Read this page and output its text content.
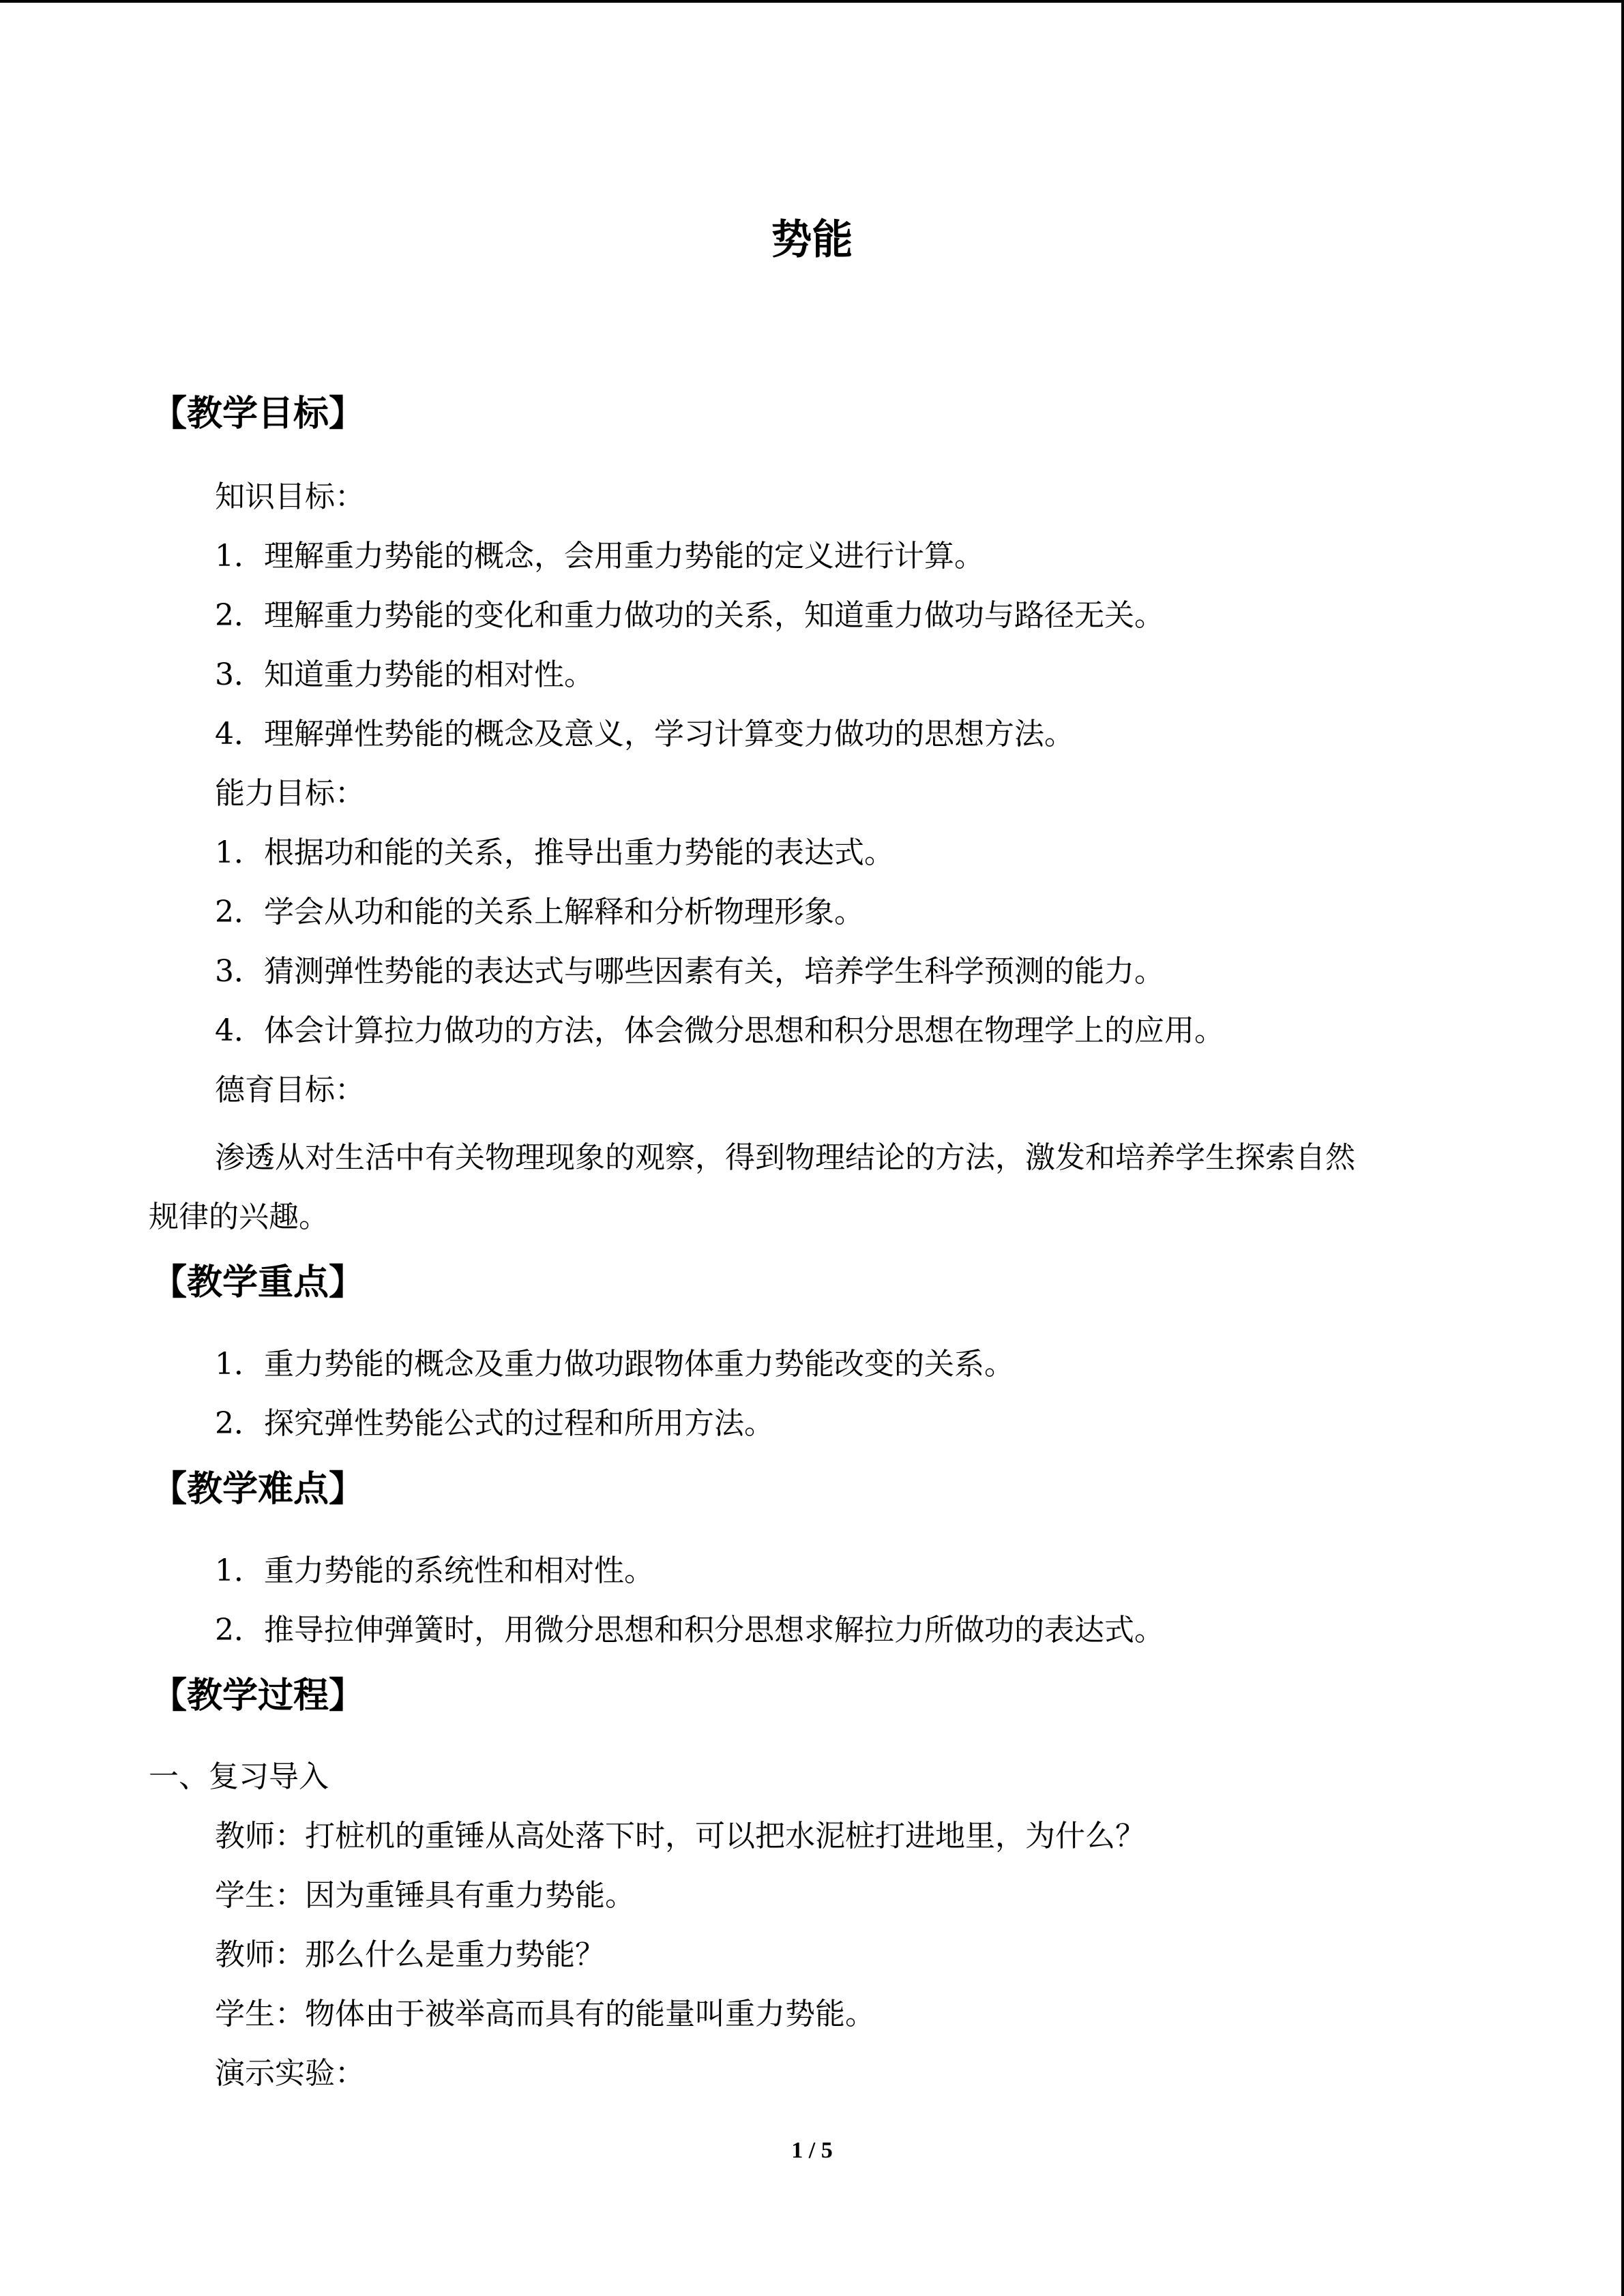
势能
【教学目标】

知识目标：

1．理解重力势能的概念，会用重力势能的定义进行计算。

2．理解重力势能的变化和重力做功的关系，知道重力做功与路径无关。

3．知道重力势能的相对性。

4．理解弹性势能的概念及意义，学习计算变力做功的思想方法。

能力目标：

1．根据功和能的关系，推导出重力势能的表达式。

2．学会从功和能的关系上解释和分析物理形象。

3．猜测弹性势能的表达式与哪些因素有关，培养学生科学预测的能力。

4．体会计算拉力做功的方法，体会微分思想和积分思想在物理学上的应用。

德育目标：

渗透从对生活中有关物理现象的观察，得到物理结论的方法，激发和培养学生探索自然

规律的兴趣。

【教学重点】

1．重力势能的概念及重力做功跟物体重力势能改变的关系。

2．探究弹性势能公式的过程和所用方法。

【教学难点】

1．重力势能的系统性和相对性。

2．推导拉伸弹簧时，用微分思想和积分思想求解拉力所做功的表达式。

【教学过程】

一、复习导入

教师：打桩机的重锤从高处落下时，可以把水泥桩打进地里，为什么？

学生：因为重锤具有重力势能。

教师：那么什么是重力势能？

学生：物体由于被举高而具有的能量叫重力势能。

演示实验：

1 / 5
